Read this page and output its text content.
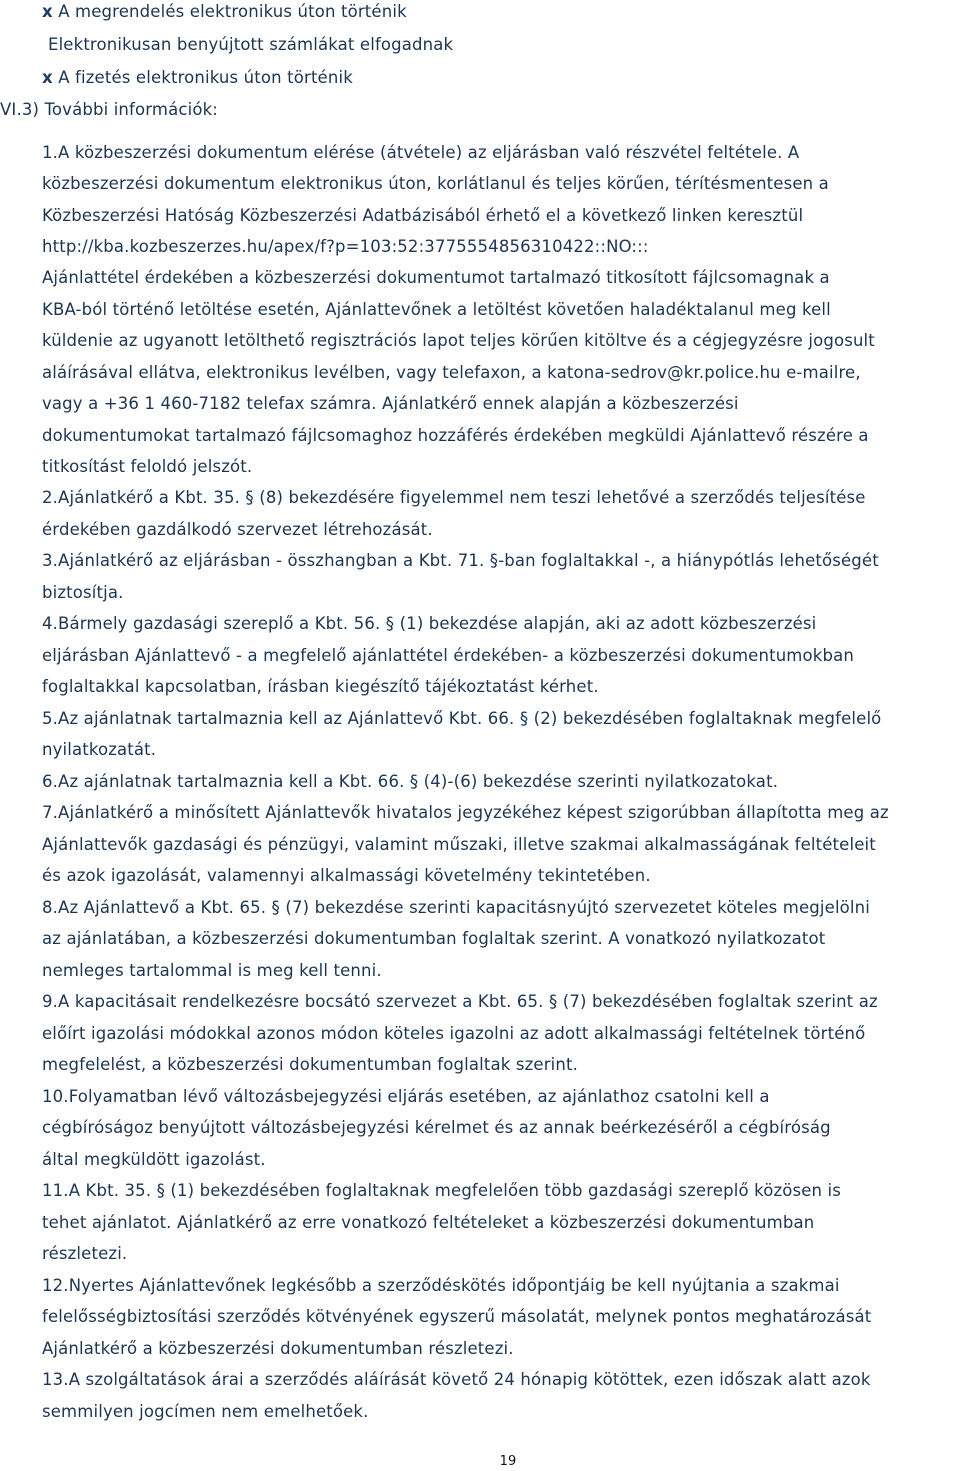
x A megrendelés elektronikus úton történik
Elektronikusan benyújtott számlákat elfogadnak
x A fizetés elektronikus úton történik
VI.3) További információk:
1.A közbeszerzési dokumentum elérése (átvétele) az eljárásban való részvétel feltétele. A
közbeszerzési dokumentum elektronikus úton, korlátlanul és teljes körűen, térítésmentesen a
Közbeszerzési Hatóság Közbeszerzési Adatbázisából érhető el a következő linken keresztül
http://kba.kozbeszerzes.hu/apex/f?p=103:52:3775554856310422::NO:::
Ajánlattétel érdekében a közbeszerzési dokumentumot tartalmazó titkosított fájlcsomagnak a
KBA-ból történő letöltése esetén, Ajánlattevőnek a letöltést követően haladéktalanul meg kell
küldenie az ugyanott letölthető regisztrációs lapot teljes körűen kitöltve és a cégjegyzésre jogosult
aláírásával ellátva, elektronikus levélben, vagy telefaxon, a katona-sedrov@kr.police.hu e-mailre,
vagy a +36 1 460-7182 telefax számra. Ajánlatkérő ennek alapján a közbeszerzési
dokumentumokat tartalmazó fájlcsomaghoz hozzáférés érdekében megküldi Ajánlattevő részére a
titkosítást feloldó jelszót.
2.Ajánlatkérő a Kbt. 35. § (8) bekezdésére figyelemmel nem teszi lehetővé a szerződés teljesítése
érdekében gazdálkodó szervezet létrehozását.
3.Ajánlatkérő az eljárásban - összhangban a Kbt. 71. §-ban foglaltakkal -, a hiánypótlás lehetőségét
biztosítja.
4.Bármely gazdasági szereplő a Kbt. 56. § (1) bekezdése alapján, aki az adott közbeszerzési
eljárásban Ajánlattevő - a megfelelő ajánlattétel érdekében- a közbeszerzési dokumentumokban
foglaltakkal kapcsolatban, írásban kiegészítő tájékoztatást kérhet.
5.Az ajánlatnak tartalmaznia kell az Ajánlattevő Kbt. 66. § (2) bekezdésében foglaltaknak megfelelő
nyilatkozatát.
6.Az ajánlatnak tartalmaznia kell a Kbt. 66. § (4)-(6) bekezdése szerinti nyilatkozatokat.
7.Ajánlatkérő a minősített Ajánlattevők hivatalos jegyzékéhez képest szigorúbban állapította meg az
Ajánlattevők gazdasági és pénzügyi, valamint műszaki, illetve szakmai alkalmasságának feltételeit
és azok igazolását, valamennyi alkalmassági követelmény tekintetében.
8.Az Ajánlattevő a Kbt. 65. § (7) bekezdése szerinti kapacitásnyújtó szervezetet köteles megjelölni
az ajánlatában, a közbeszerzési dokumentumban foglaltak szerint. A vonatkozó nyilatkozatot
nemleges tartalommal is meg kell tenni.
9.A kapacitásait rendelkezésre bocsátó szervezet a Kbt. 65. § (7) bekezdésében foglaltak szerint az
előírt igazolási módokkal azonos módon köteles igazolni az adott alkalmassági feltételnek történő
megfelelést, a közbeszerzési dokumentumban foglaltak szerint.
10.Folyamatban lévő változásbejegyzési eljárás esetében, az ajánlathoz csatolni kell a
cégbíróságoz benyújtott változásbejegyzési kérelmet és az annak beérkezéséről a cégbíróság
által megküldött igazolást.
11.A Kbt. 35. § (1) bekezdésében foglaltaknak megfelelően több gazdasági szereplő közösen is
tehet ajánlatot. Ajánlatkérő az erre vonatkozó feltételeket a közbeszerzési dokumentumban
részletezi.
12.Nyertes Ajánlattevőnek legkésőbb a szerződéskötés időpontjáig be kell nyújtania a szakmai
felelősségbiztosítási szerződés kötvényének egyszerű másolatát, melynek pontos meghatározását
Ajánlatkérő a közbeszerzési dokumentumban részletezi.
13.A szolgáltatások árai a szerződés aláírását követő 24 hónapig kötöttek, ezen időszak alatt azok
semmilyen jogcímen nem emelhetőek.
19
